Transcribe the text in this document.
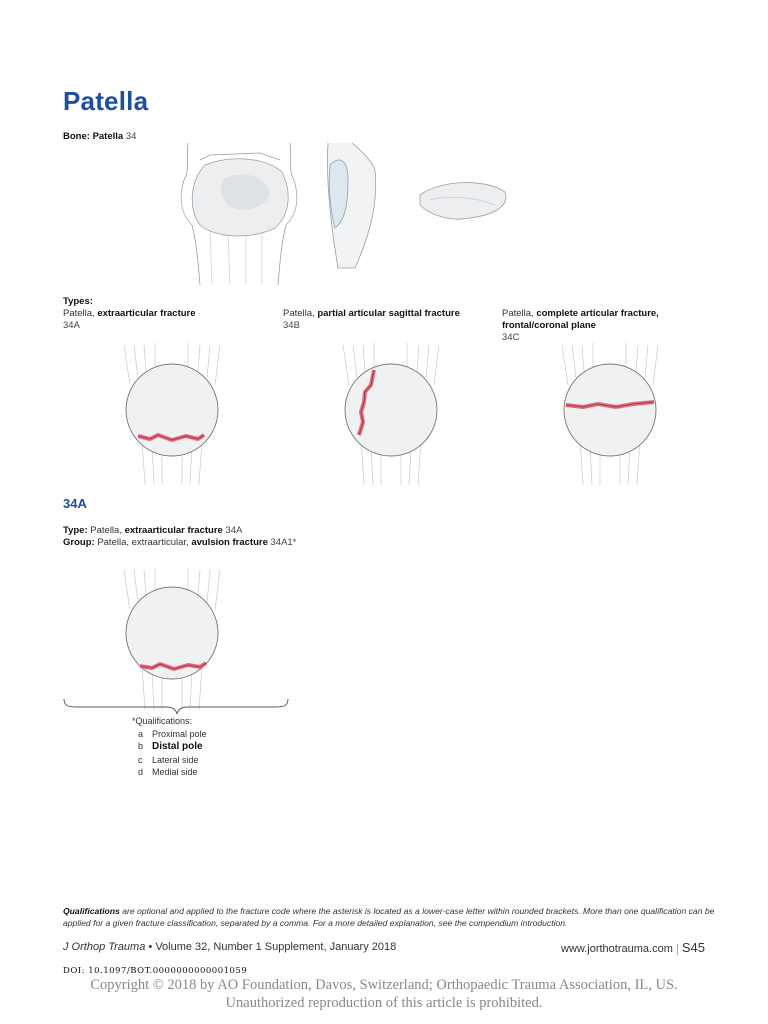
Patella
Bone: Patella 34
Types:
Patella, extraarticular fracture
34A
Patella, partial articular sagittal fracture
34B
Patella, complete articular fracture,
frontal/coronal plane
34C
34A
Type: Patella, extraarticular fracture 34A
Group: Patella, extraarticular, avulsion fracture 34A1*
*Qualifications:
a Proximal pole
b Distal pole
c Lateral side
d Medial side
Qualifications are optional and applied to the fracture code where the asterisk is located as a lower-case letter within rounded brackets. More than one qualification can be applied for a given fracture classification, separated by a comma. For a more detailed explanation, see the compendium introduction.
J Orthop Trauma • Volume 32, Number 1 Supplement, January 2018	www.jorthotrauma.com | S45
DOI: 10.1097/BOT.0000000000001059
Copyright © 2018 by AO Foundation, Davos, Switzerland; Orthopaedic Trauma Association, IL, US.
Unauthorized reproduction of this article is prohibited.
